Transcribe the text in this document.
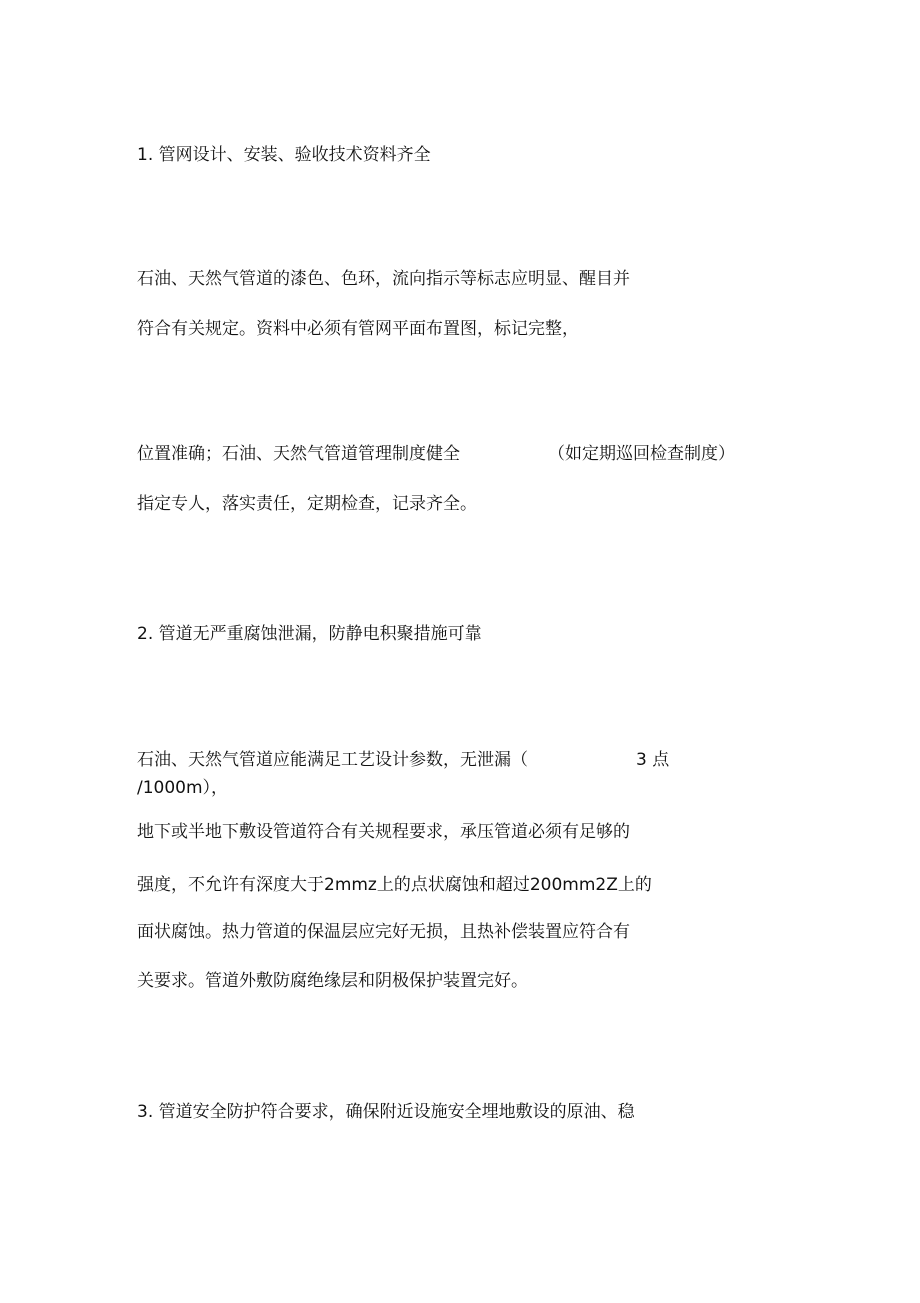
1. 管网设计、安装、验收技术资料齐全

石油、天然气管道的漆色、色环，流向指示等标志应明显、醒目并

符合有关规定。资料中必须有管网平面布置图，标记完整，

位置准确；石油、天然气管道管理制度健全	（如定期巡回检查制度）

指定专人，落实责任，定期检查，记录齐全。

2. 管道无严重腐蚀泄漏，防静电积聚措施可靠

石油、天然气管道应能满足工艺设计参数，无泄漏（	3 点

/1000m），

地下或半地下敷设管道符合有关规程要求，承压管道必须有足够的

强度，不允许有深度大于2mmz上的点状腐蚀和超过200mm2Z上的

面状腐蚀。热力管道的保温层应完好无损，且热补偿装置应符合有

关要求。管道外敷防腐绝缘层和阴极保护装置完好。

3. 管道安全防护符合要求，确保附近设施安全埋地敷设的原油、稳
